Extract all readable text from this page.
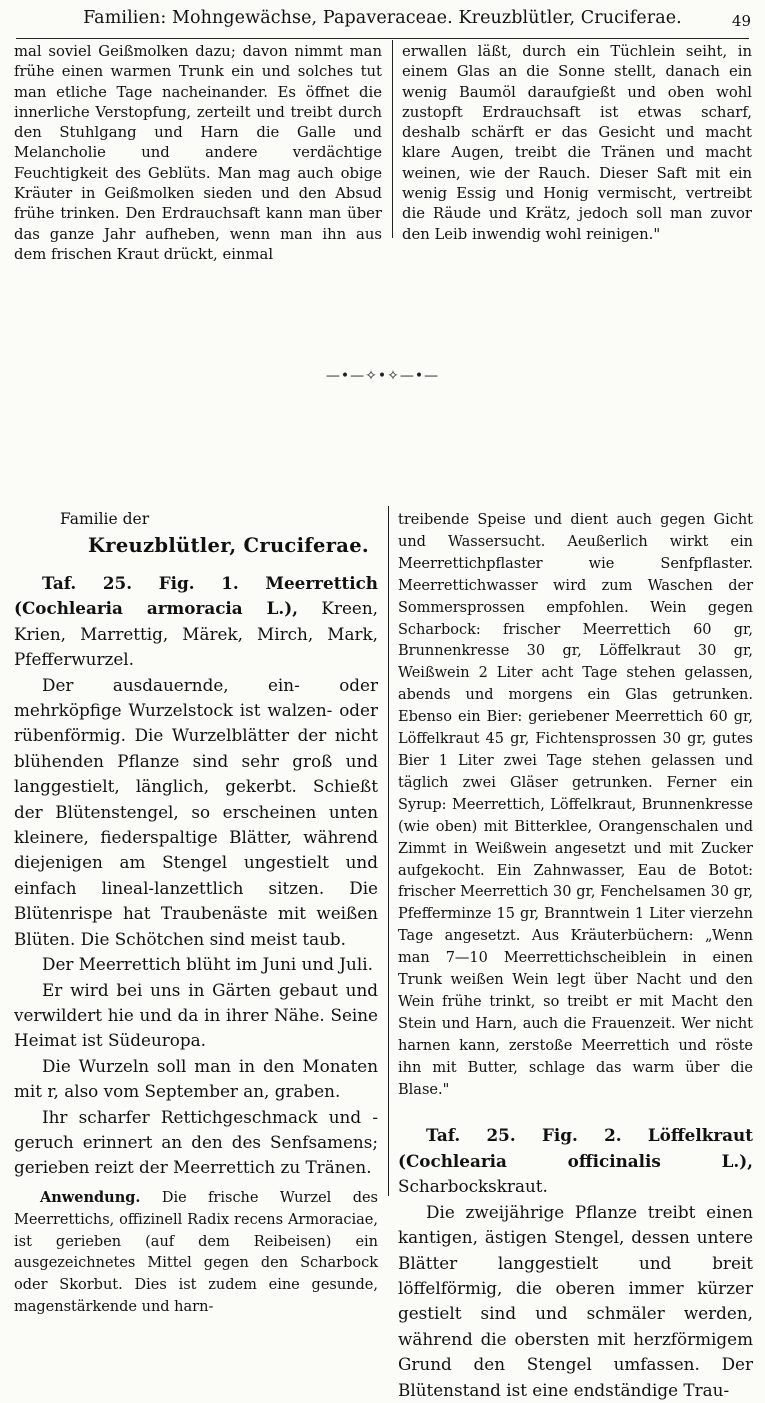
Familien: Mohngewächse, Papaveraceae. Kreuzblütler, Cruciferae.	49

mal soviel Geißmolken dazu; davon nimmt man frühe einen warmen Trunk ein und solches tut man etliche Tage nacheinander. Es öffnet die innerliche Verstopfung, zerteilt und treibt durch den Stuhlgang und Harn die Galle und Melancholie und andere verdächtige Feuchtigkeit des Geblüts. Man mag auch obige Kräuter in Geißmolken sieden und den Absud frühe trinken. Den Erdrauchsaft kann man über das ganze Jahr aufheben, wenn man ihn aus dem frischen Kraut drückt, einmal

erwallen läßt, durch ein Tüchlein seiht, in einem Glas an die Sonne stellt, danach ein wenig Baumöl daraufgießt und oben wohl zustopft Erdrauchsaft ist etwas scharf, deshalb schärft er das Gesicht und macht klare Augen, treibt die Tränen und macht weinen, wie der Rauch. Dieser Saft mit ein wenig Essig und Honig vermischt, vertreibt die Räude und Krätz, jedoch soll man zuvor den Leib inwendig wohl reinigen."

—•—✧•✧—•—
Familie der
Kreuzblütler, Cruciferae.

Taf. 25. Fig. 1. Meerrettich (Cochlearia armoracia L.), Kreen, Krien, Marrettig, Märek, Mirch, Mark, Pfefferwurzel.

Der ausdauernde, ein- oder mehrköpfige Wurzelstock ist walzen- oder rübenförmig. Die Wurzelblätter der nicht blühenden Pflanze sind sehr groß und langgestielt, länglich, gekerbt. Schießt der Blütenstengel, so erscheinen unten kleinere, fiederspaltige Blätter, während diejenigen am Stengel ungestielt und einfach lineal-lanzettlich sitzen. Die Blütenrispe hat Traubenäste mit weißen Blüten. Die Schötchen sind meist taub.

Der Meerrettich blüht im Juni und Juli.

Er wird bei uns in Gärten gebaut und verwildert hie und da in ihrer Nähe. Seine Heimat ist Südeuropa.

Die Wurzeln soll man in den Monaten mit r, also vom September an, graben.

Ihr scharfer Rettichgeschmack und -geruch erinnert an den des Senfsamens; gerieben reizt der Meerrettich zu Tränen.

Anwendung. Die frische Wurzel des Meerrettichs, offizinell Radix recens Armoraciae, ist gerieben (auf dem Reibeisen) ein ausgezeichnetes Mittel gegen den Scharbock oder Skorbut. Dies ist zudem eine gesunde, magenstärkende und harn-

treibende Speise und dient auch gegen Gicht und Wassersucht. Aeußerlich wirkt ein Meerrettichpflaster wie Senfpflaster. Meerrettichwasser wird zum Waschen der Sommersprossen empfohlen. Wein gegen Scharbock: frischer Meerrettich 60 gr, Brunnenkresse 30 gr, Löffelkraut 30 gr, Weißwein 2 Liter acht Tage stehen gelassen, abends und morgens ein Glas getrunken. Ebenso ein Bier: geriebener Meerrettich 60 gr, Löffelkraut 45 gr, Fichtensprossen 30 gr, gutes Bier 1 Liter zwei Tage stehen gelassen und täglich zwei Gläser getrunken. Ferner ein Syrup: Meerrettich, Löffelkraut, Brunnenkresse (wie oben) mit Bitterklee, Orangenschalen und Zimmt in Weißwein angesetzt und mit Zucker aufgekocht. Ein Zahnwasser, Eau de Botot: frischer Meerrettich 30 gr, Fenchelsamen 30 gr, Pfefferminze 15 gr, Branntwein 1 Liter vierzehn Tage angesetzt. Aus Kräuterbüchern: „Wenn man 7—10 Meerrettichscheiblein in einen Trunk weißen Wein legt über Nacht und den Wein frühe trinkt, so treibt er mit Macht den Stein und Harn, auch die Frauenzeit. Wer nicht harnen kann, zerstoße Meerrettich und röste ihn mit Butter, schlage das warm über die Blase."

Taf. 25. Fig. 2. Löffelkraut (Cochlearia officinalis L.), Scharbockskraut.

Die zweijährige Pflanze treibt einen kantigen, ästigen Stengel, dessen untere Blätter langgestielt und breit löffelförmig, die oberen immer kürzer gestielt sind und schmäler werden, während die obersten mit herzförmigem Grund den Stengel umfassen. Der Blütenstand ist eine endständige Trau-
